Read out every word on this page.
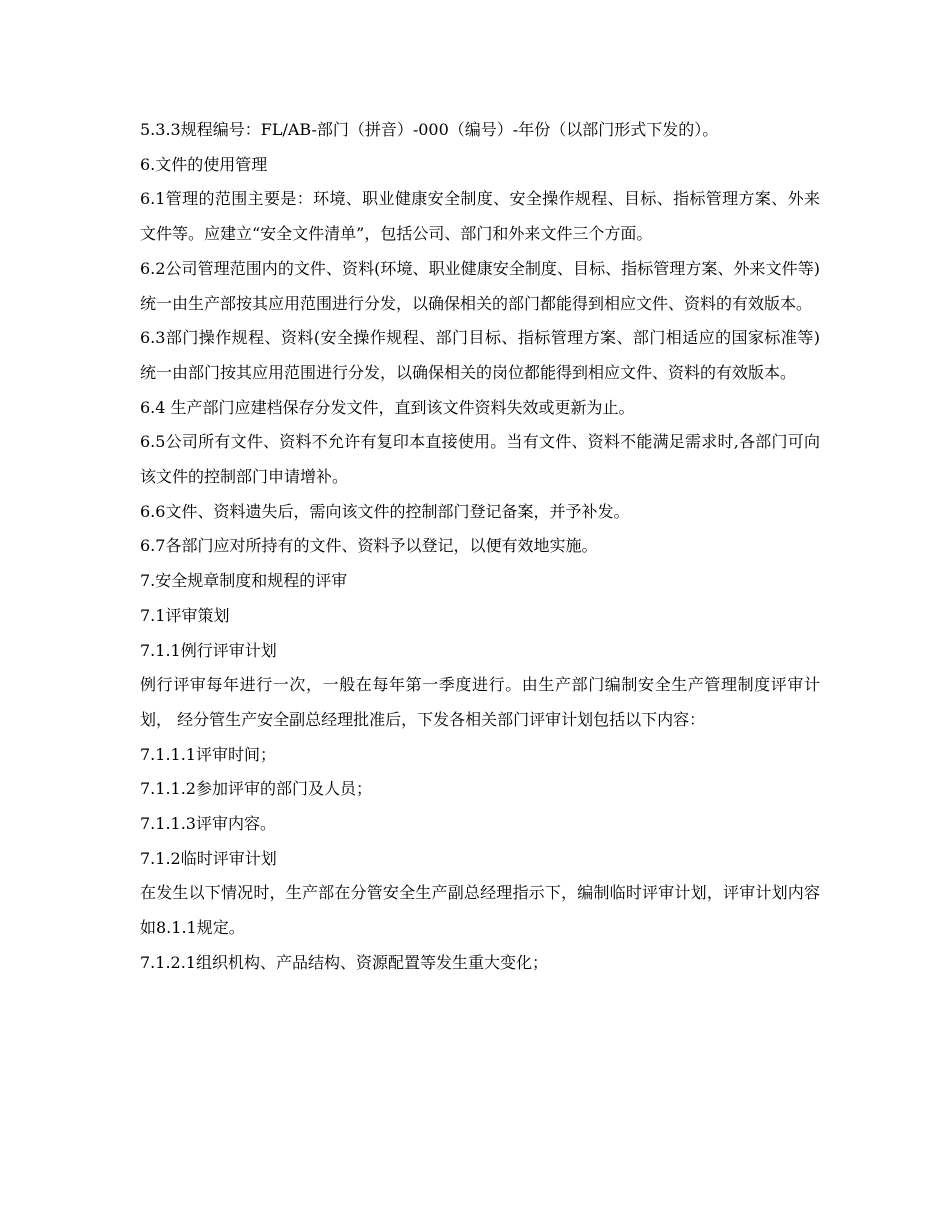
5.3.3规程编号：FL/AB-部门（拼音）-000（编号）-年份（以部门形式下发的）。

6.文件的使用管理

6.1管理的范围主要是：环境、职业健康安全制度、安全操作规程、目标、指标管理方案、外来文件等。应建立“安全文件清单”，包括公司、部门和外来文件三个方面。

6.2公司管理范围内的文件、资料(环境、职业健康安全制度、目标、指标管理方案、外来文件等)统一由生产部按其应用范围进行分发，以确保相关的部门都能得到相应文件、资料的有效版本。

6.3部门操作规程、资料(安全操作规程、部门目标、指标管理方案、部门相适应的国家标准等) 统一由部门按其应用范围进行分发，以确保相关的岗位都能得到相应文件、资料的有效版本。

6.4 生产部门应建档保存分发文件，直到该文件资料失效或更新为止。

6.5公司所有文件、资料不允许有复印本直接使用。当有文件、资料不能满足需求时,各部门可向该文件的控制部门申请增补。

6.6文件、资料遗失后，需向该文件的控制部门登记备案，并予补发。

6.7各部门应对所持有的文件、资料予以登记，以便有效地实施。

7.安全规章制度和规程的评审

7.1评审策划

7.1.1例行评审计划

例行评审每年进行一次，一般在每年第一季度进行。由生产部门编制安全生产管理制度评审计划， 经分管生产安全副总经理批准后，下发各相关部门评审计划包括以下内容：

7.1.1.1评审时间；

7.1.1.2参加评审的部门及人员；

7.1.1.3评审内容。

7.1.2临时评审计划

在发生以下情况时，生产部在分管安全生产副总经理指示下，编制临时评审计划，评审计划内容如8.1.1规定。

7.1.2.1组织机构、产品结构、资源配置等发生重大变化；
